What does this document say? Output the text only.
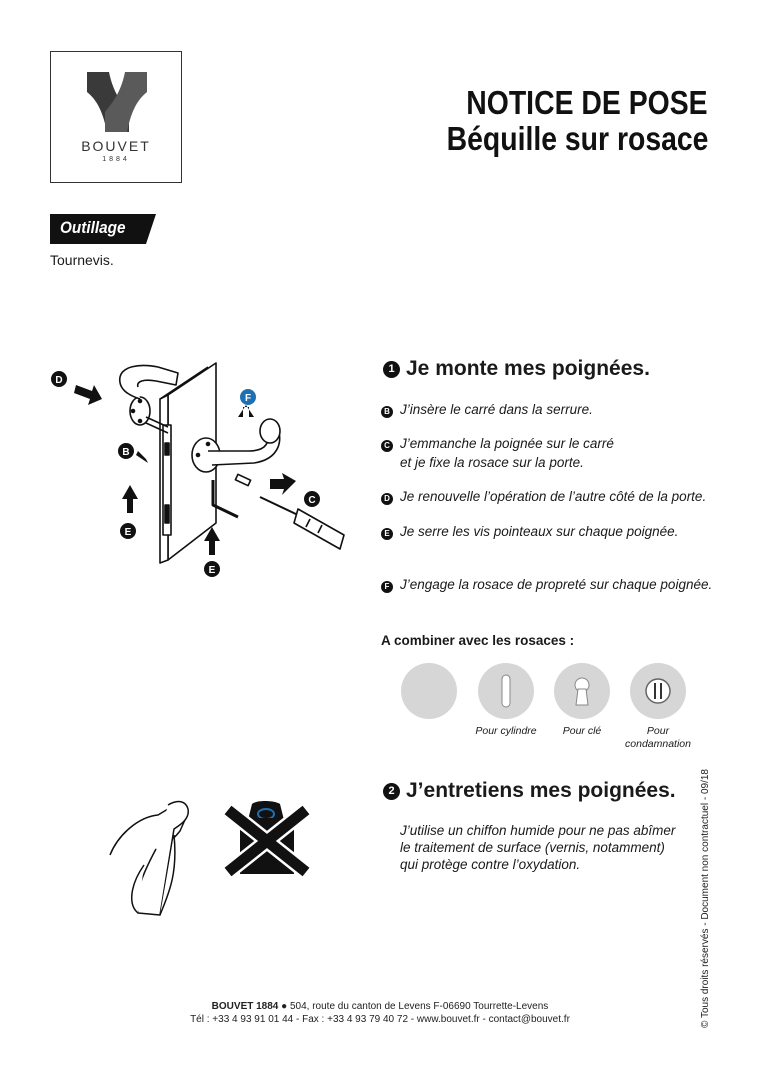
BOUVET
1884
NOTICE DE POSE
Béquille sur rosace
Outillage
Tournevis.
D
B
E
E
C
F
1 Je monte mes poignées.
B J’insère le carré dans la serrure.
C J’emmanche la poignée sur le carré
et je fixe la rosace sur la porte.
D Je renouvelle l’opération de l’autre côté de la porte.
E Je serre les vis pointeaux sur chaque poignée.
F J’engage la rosace de propreté sur chaque poignée.
A combiner avec les rosaces :
Pour cylindre	Pour clé	Pour
condamnation
2 J’entretiens mes poignées.
J’utilise un chiffon humide pour ne pas abîmer
le traitement de surface (vernis, notamment)
qui protège contre l’oxydation.	© Tous droits réservés - Document non contractuel - 09/18
BOUVET 1884 ● 504, route du canton de Levens F-06690 Tourrette-Levens
Tél : +33 4 93 91 01 44 - Fax : +33 4 93 79 40 72 - www.bouvet.fr - contact@bouvet.fr
